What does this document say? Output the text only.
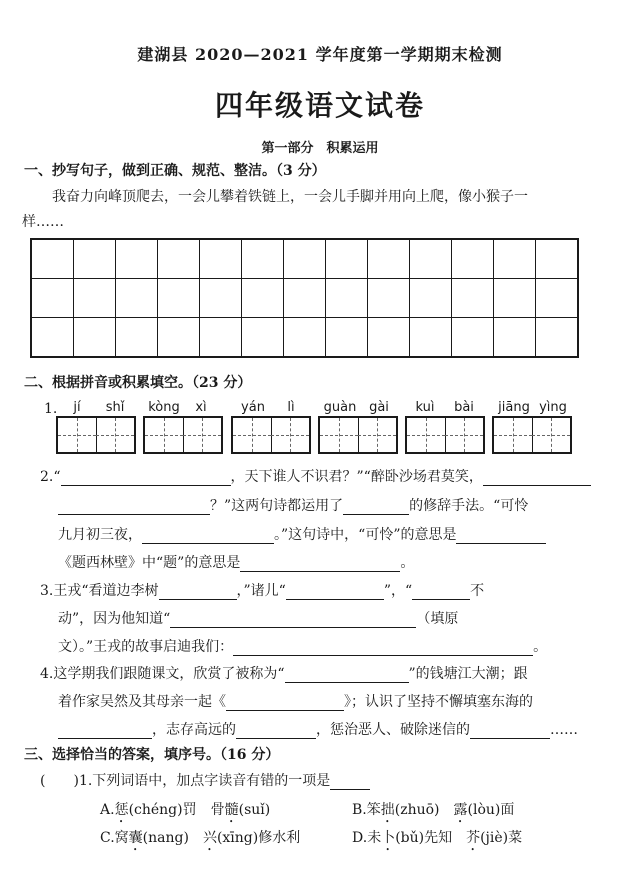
建湖县 2020—2021 学年度第一学期期末检测
四年级语文试卷
第一部分　积累运用
一、抄写句子，做到正确、规范、整洁。（3 分）
我奋力向峰顶爬去，一会儿攀着铁链上，一会儿手脚并用向上爬，像小猴子一
样……

二、根据拼音或积累填空。（23 分）
1.	jí	shǐ	kòng	xì	yán	lì	guàn gài	kuì	bài	jiāng yìng
2.“	，天下谁人不识君？”“醉卧沙场君莫笑，
？”这两句诗都运用了	的修辞手法。“可怜
九月初三夜，	。”这句诗中，“可怜”的意思是
《题西林壁》中“题”的意思是	。
3.王戎“看道边李树	，”诸儿“	”，“	不
动”，因为他知道“	（填原
文）。”王戎的故事启迪我们：	。
4.这学期我们跟随课文，欣赏了被称为“	”的钱塘江大潮；跟
着作家吴然及其母亲一起《	》；认识了坚持不懈填塞东海的
，志存高远的	，惩治恶人、破除迷信的	……
三、选择恰当的答案，填序号。（16 分）
(　　)1.下列词语中，加点字读音有错的一项是
A.惩(chéng)罚　 骨髓(suǐ)	B.笨拙(zhuō)　 露(lòu)面
C.窝囊(nang)　 兴(xīng)修水利	D.未卜(bǔ)先知　 芥(jiè)菜
